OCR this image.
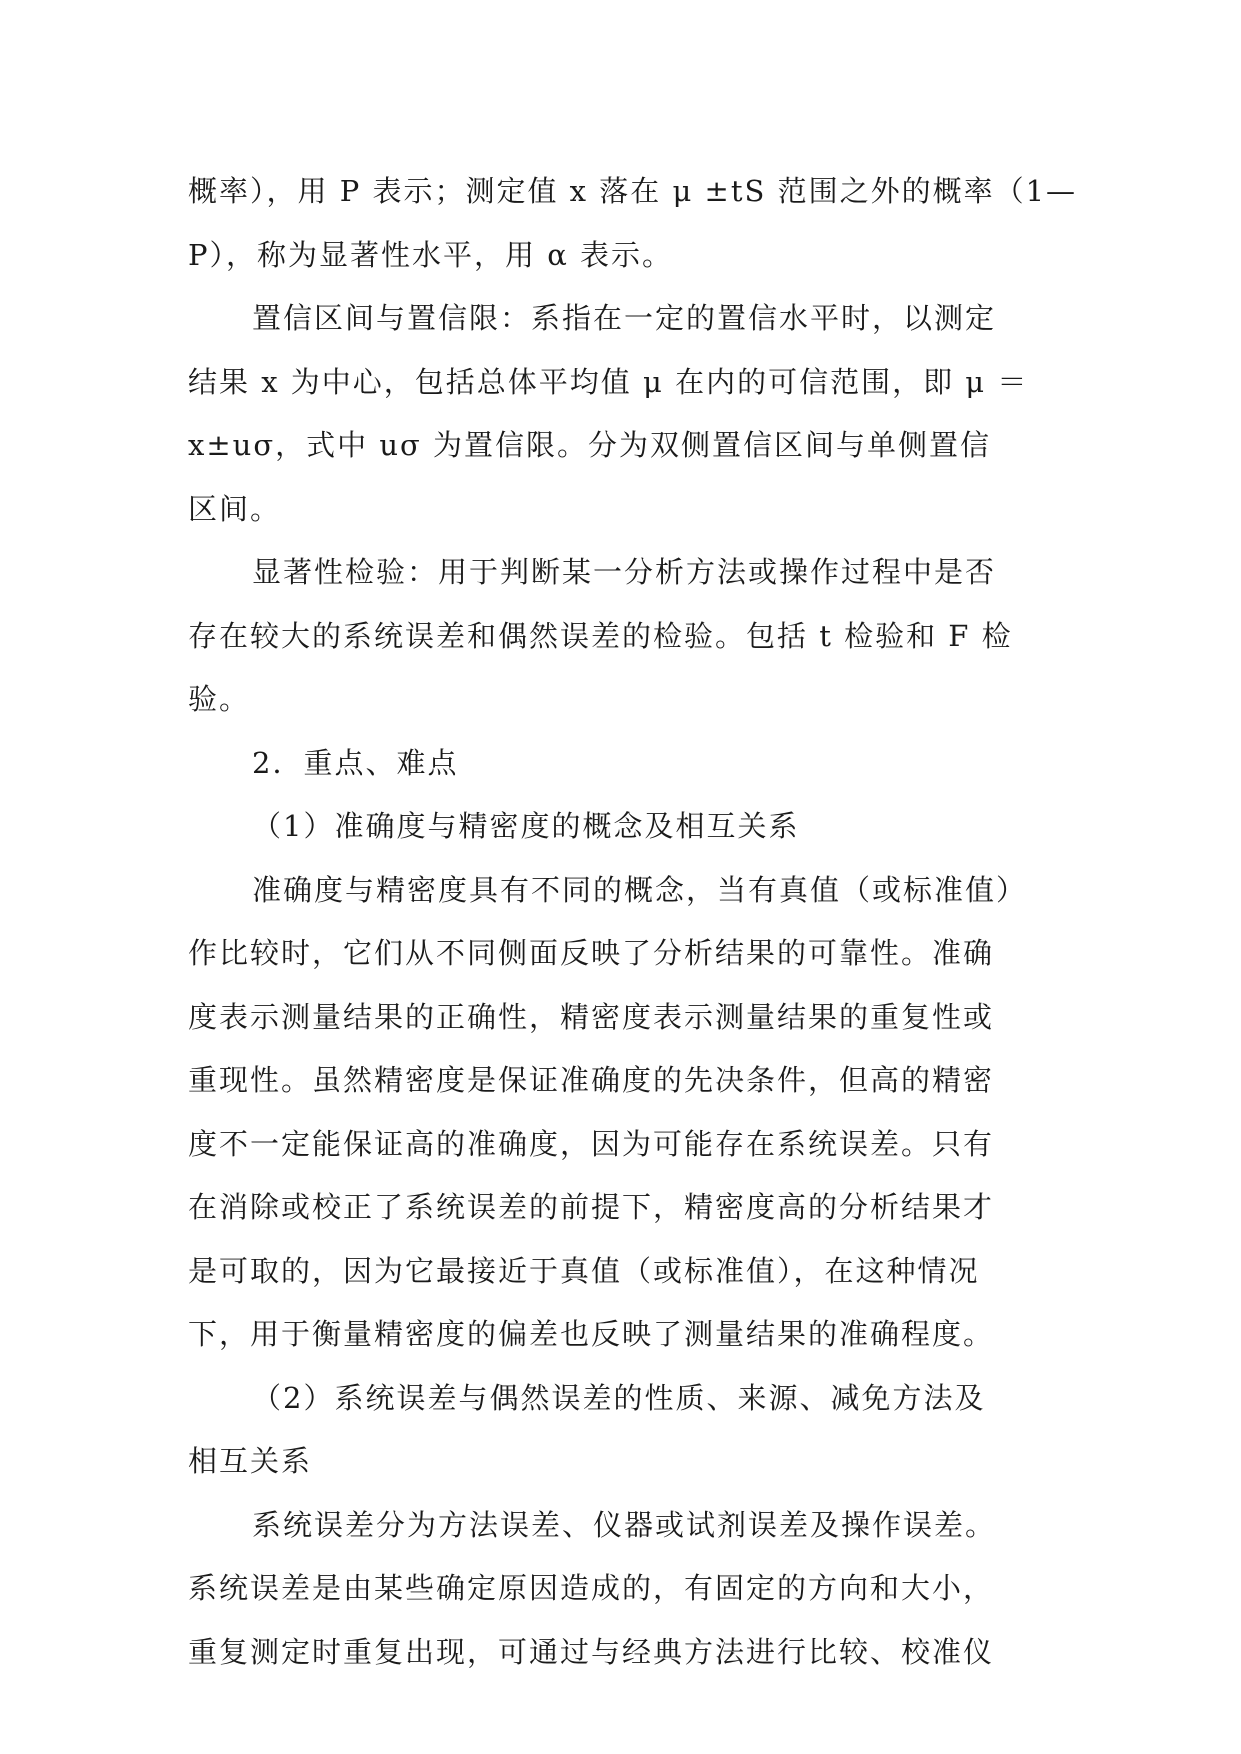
概率），用 P 表示；测定值 x 落在 μ ±tS 范围之外的概率（1—
P），称为显著性水平，用 α 表示。
置信区间与置信限：系指在一定的置信水平时，以测定
结果 x 为中心，包括总体平均值 μ 在内的可信范围，即 μ ＝
x±uσ，式中 uσ 为置信限。分为双侧置信区间与单侧置信
区间。
显著性检验：用于判断某一分析方法或操作过程中是否
存在较大的系统误差和偶然误差的检验。包括 t 检验和 F 检
验。
2．重点、难点
（1）准确度与精密度的概念及相互关系
准确度与精密度具有不同的概念，当有真值（或标准值）
作比较时，它们从不同侧面反映了分析结果的可靠性。准确
度表示测量结果的正确性，精密度表示测量结果的重复性或
重现性。虽然精密度是保证准确度的先决条件，但高的精密
度不一定能保证高的准确度，因为可能存在系统误差。只有
在消除或校正了系统误差的前提下，精密度高的分析结果才
是可取的，因为它最接近于真值（或标准值），在这种情况
下，用于衡量精密度的偏差也反映了测量结果的准确程度。
（2）系统误差与偶然误差的性质、来源、减免方法及
相互关系
系统误差分为方法误差、仪器或试剂误差及操作误差。
系统误差是由某些确定原因造成的，有固定的方向和大小，
重复测定时重复出现，可通过与经典方法进行比较、校准仪
